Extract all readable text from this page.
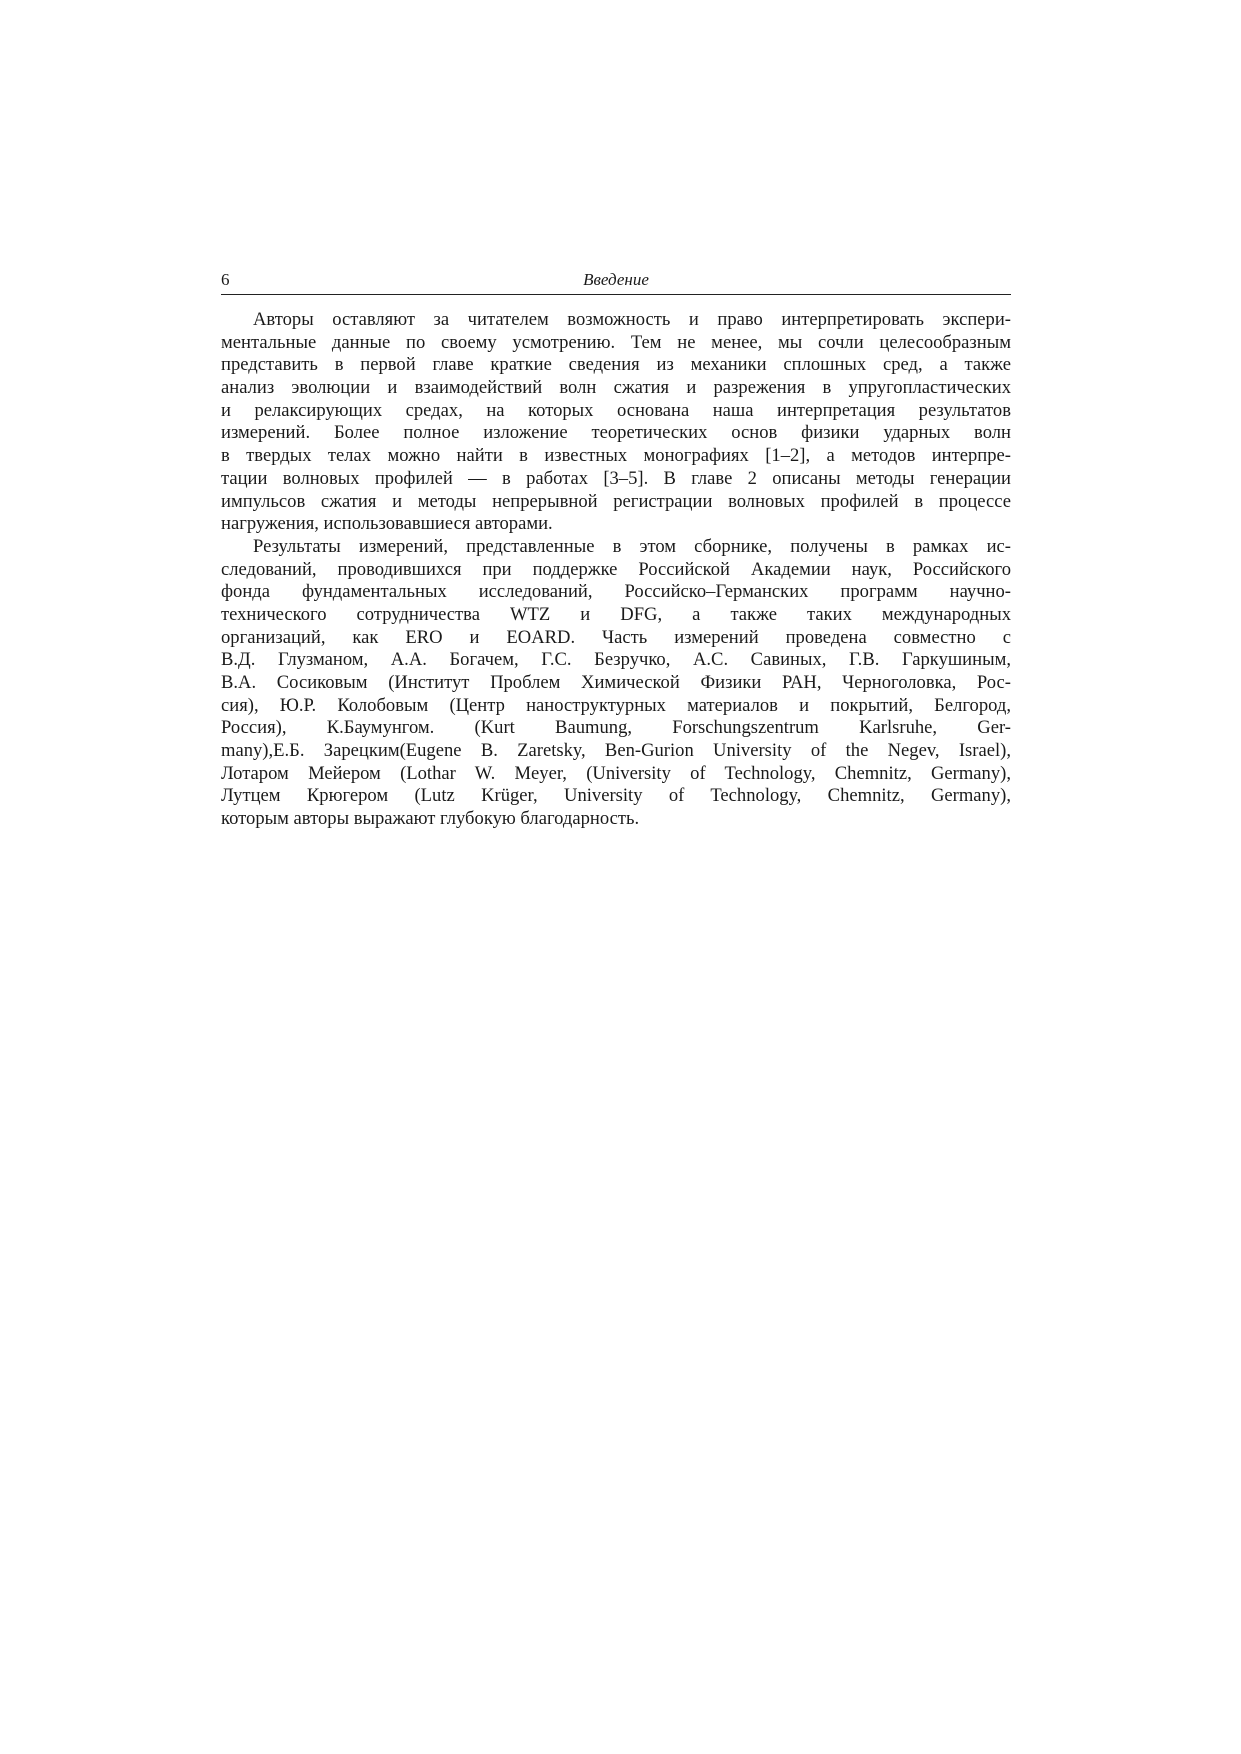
6	Введение
Авторы оставляют за читателем возможность и право интерпретировать экспери-
ментальные данные по своему усмотрению. Тем не менее, мы сочли целесообразным
представить в первой главе краткие сведения из механики сплошных сред, а также
анализ эволюции и взаимодействий волн сжатия и разрежения в упругопластических
и релаксирующих средах, на которых основана наша интерпретация результатов
измерений. Более полное изложение теоретических основ физики ударных волн
в твердых телах можно найти в известных монографиях [1–2], а методов интерпре-
тации волновых профилей — в работах [3–5]. В главе 2 описаны методы генерации
импульсов сжатия и методы непрерывной регистрации волновых профилей в процессе
нагружения, использовавшиеся авторами.
Результаты измерений, представленные в этом сборнике, получены в рамках ис-
следований, проводившихся при поддержке Российской Академии наук, Российского
фонда фундаментальных исследований, Российско–Германских программ научно-
технического сотрудничества WTZ и DFG, а также таких международных
организаций, как ERO и EOARD. Часть измерений проведена совместно с
В.Д. Глузманом, А.А. Богачем, Г.С. Безручко, А.С. Савиных, Г.В. Гаркушиным,
В.А. Сосиковым (Институт Проблем Химической Физики РАН, Черноголовка, Рос-
сия), Ю.Р. Колобовым (Центр наноструктурных материалов и покрытий, Белгород,
Россия), К.Баумунгом. (Kurt Baumung, Forschungszentrum Karlsruhe, Ger-
many),Е.Б. Зарецким(Eugene B. Zaretsky, Ben-Gurion University of the Negev, Israel),
Лотаром Мейером (Lothar W. Meyer, (University of Technology, Chemnitz, Germany),
Лутцем Крюгером (Lutz Krüger, University of Technology, Chemnitz, Germany),
которым авторы выражают глубокую благодарность.
